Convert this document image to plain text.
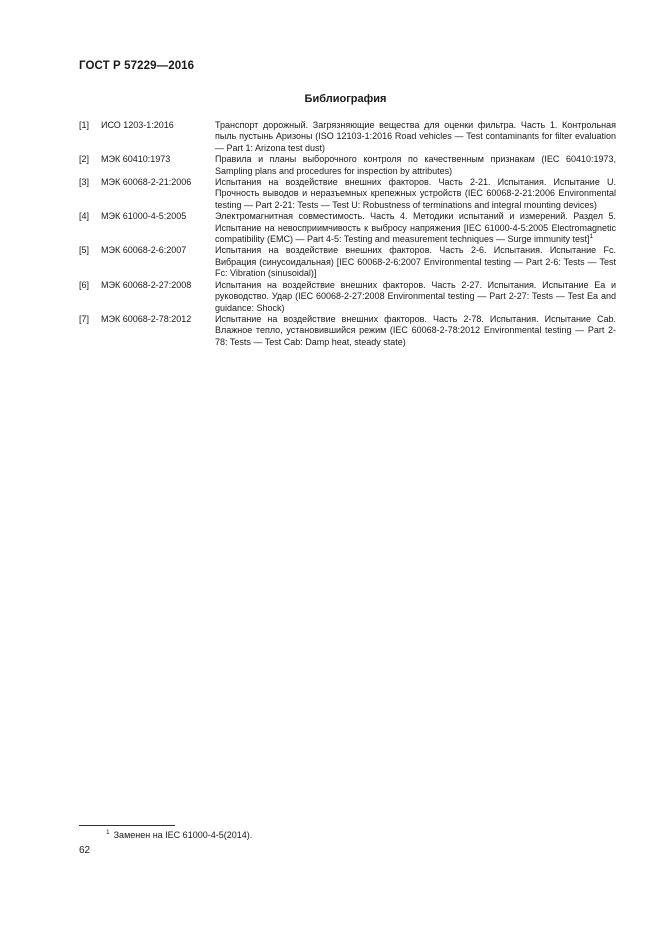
ГОСТ Р 57229—2016
Библиография
[1]	ИСО 1203-1:2016	Транспорт дорожный. Загрязняющие вещества для оценки фильтра. Часть 1. Контрольная пыль пустынь Аризоны (ISO 12103-1:2016 Road vehicles — Test contaminants for filter evaluation — Part 1: Arizona test dust)
[2]	МЭК 60410:1973	Правила и планы выборочного контроля по качественным признакам (IEC 60410:1973, Sampling plans and procedures for inspection by attributes)
[3]	МЭК 60068-2-21:2006	Испытания на воздействие внешних факторов. Часть 2-21. Испытания. Испытание U. Прочность выводов и неразъемных крепежных устройств (IEC 60068-2-21:2006 Environmental testing — Part 2-21: Tests — Test U: Robustness of terminations and integral mounting devices)
[4]	МЭК 61000-4-5:2005	Электромагнитная совместимость. Часть 4. Методики испытаний и измерений. Раздел 5. Испытание на невосприимчивость к выбросу напряжения [IEC 61000-4-5:2005 Electromagnetic compatibility (EMC) — Part 4-5: Testing and measurement techniques — Surge immunity test]$^1$
[5]	МЭК 60068-2-6:2007	Испытания на воздействие внешних факторов. Часть 2-6. Испытания. Испытание Fc. Вибрация (синусоидальная) [IEC 60068-2-6:2007 Environmental testing — Part 2-6: Tests — Test Fc: Vibration (sinusoidal)]
[6]	МЭК 60068-2-27:2008	Испытания на воздействие внешних факторов. Часть 2-27. Испытания. Испытание Ea и руководство. Удар (IEC 60068-2-27:2008 Environmental testing — Part 2-27: Tests — Test Ea and guidance: Shock)
[7]	МЭК 60068-2-78:2012	Испытание на воздействие внешних факторов. Часть 2-78. Испытания. Испытание Cab. Влажное тепло, установившийся режим (IEC 60068-2-78:2012 Environmental testing — Part 2-78: Tests — Test Cab: Damp heat, steady state)
$^1$ Заменен на IEC 61000-4-5(2014).
62
